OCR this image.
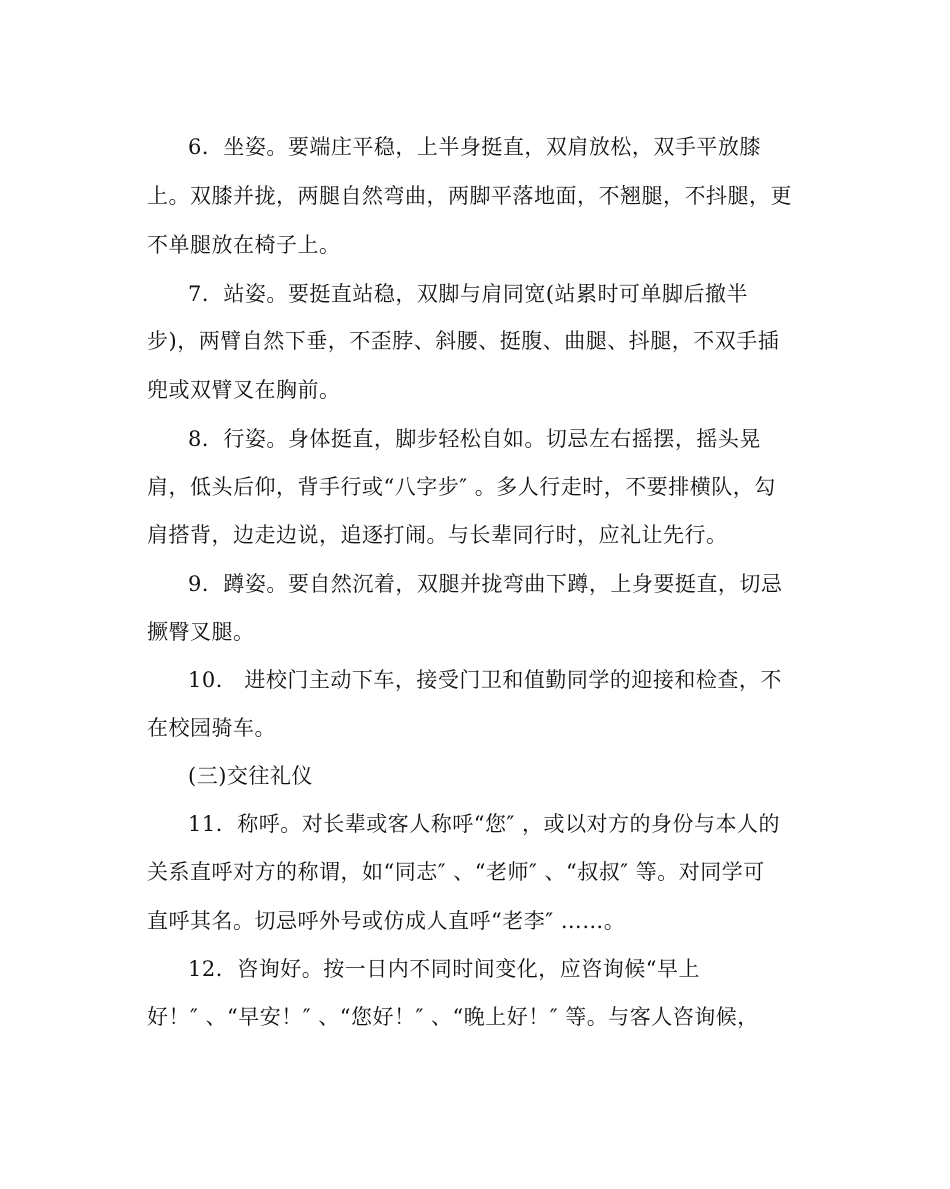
6．坐姿。要端庄平稳，上半身挺直，双肩放松，双手平放膝
上。双膝并拢，两腿自然弯曲，两脚平落地面，不翘腿，不抖腿，更
不单腿放在椅子上。
7．站姿。要挺直站稳，双脚与肩同宽(站累时可单脚后撤半
步)，两臂自然下垂，不歪脖、斜腰、挺腹、曲腿、抖腿，不双手插
兜或双臂叉在胸前。
8．行姿。身体挺直，脚步轻松自如。切忌左右摇摆，摇头晃
肩，低头后仰，背手行或“八字步″ 。多人行走时，不要排横队，勾
肩搭背，边走边说，追逐打闹。与长辈同行时，应礼让先行。
9．蹲姿。要自然沉着，双腿并拢弯曲下蹲，上身要挺直，切忌
撅臀叉腿。
10． 进校门主动下车，接受门卫和值勤同学的迎接和检查，不
在校园骑车。
(三)交往礼仪
11．称呼。对长辈或客人称呼“您″ ，或以对方的身份与本人的
关系直呼对方的称谓，如“同志″ 、“老师″ 、“叔叔″ 等。对同学可
直呼其名。切忌呼外号或仿成人直呼“老李″ ……。
12．咨询好。按一日内不同时间变化，应咨询候“早上
好！″ 、“早安！″ 、“您好！″ 、“晚上好！″ 等。与客人咨询候，
